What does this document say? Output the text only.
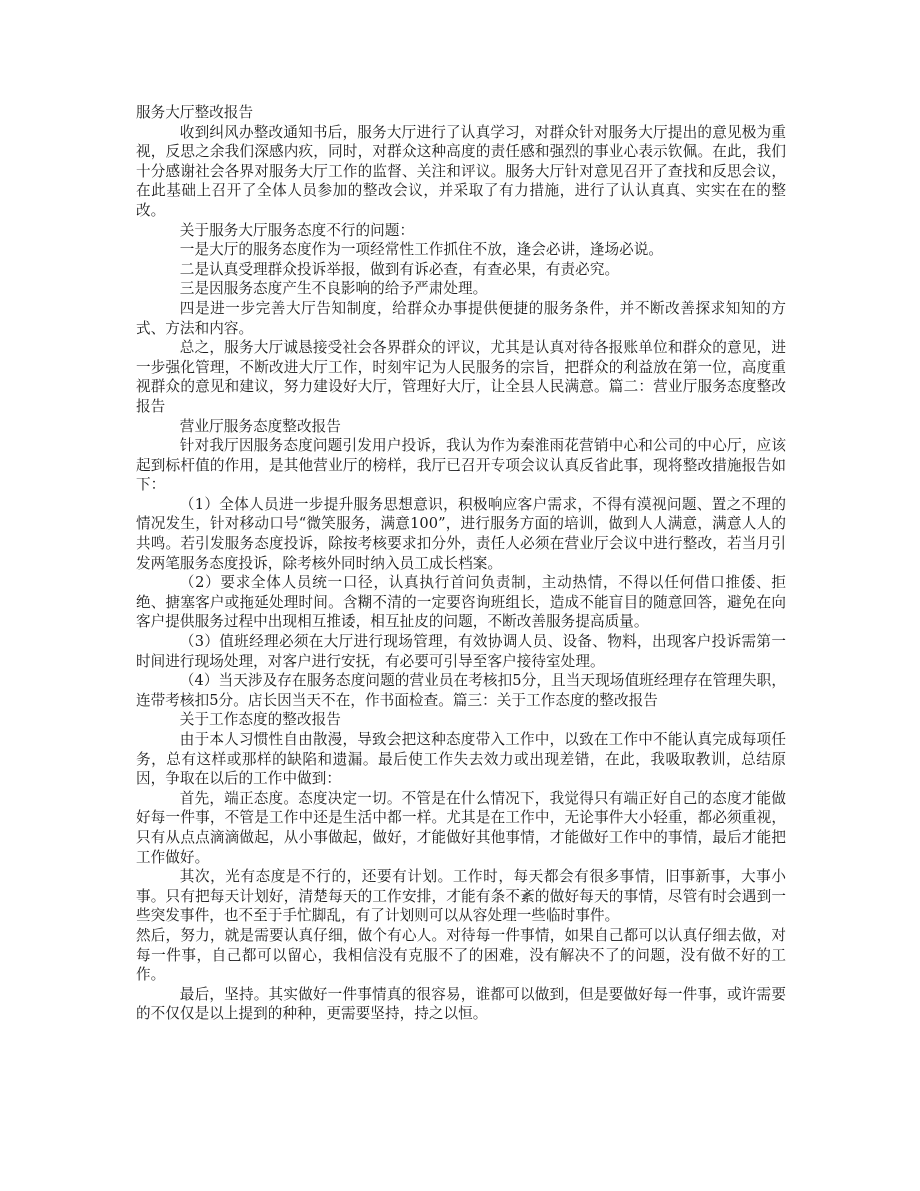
服务大厅整改报告

收到纠风办整改通知书后，服务大厅进行了认真学习，对群众针对服务大厅提出的意见极为重视，反思之余我们深感内疚，同时，对群众这种高度的责任感和强烈的事业心表示钦佩。在此，我们十分感谢社会各界对服务大厅工作的监督、关注和评议。服务大厅针对意见召开了查找和反思会议，在此基础上召开了全体人员参加的整改会议，并采取了有力措施，进行了认认真真、实实在在的整改。

关于服务大厅服务态度不行的问题：

一是大厅的服务态度作为一项经常性工作抓住不放，逢会必讲，逢场必说。

二是认真受理群众投诉举报，做到有诉必查，有查必果，有责必究。

三是因服务态度产生不良影响的给予严肃处理。

四是进一步完善大厅告知制度，给群众办事提供便捷的服务条件，并不断改善探求知知的方式、方法和内容。

总之，服务大厅诚恳接受社会各界群众的评议，尤其是认真对待各报账单位和群众的意见，进一步强化管理，不断改进大厅工作，时刻牢记为人民服务的宗旨，把群众的利益放在第一位，高度重视群众的意见和建议，努力建设好大厅，管理好大厅，让全县人民满意。篇二：营业厅服务态度整改报告

营业厅服务态度整改报告

针对我厅因服务态度问题引发用户投诉，我认为作为秦淮雨花营销中心和公司的中心厅，应该起到标杆值的作用，是其他营业厅的榜样，我厅已召开专项会议认真反省此事，现将整改措施报告如下：

（1）全体人员进一步提升服务思想意识，积极响应客户需求，不得有漠视问题、置之不理的情况发生，针对移动口号“微笑服务，满意100”，进行服务方面的培训，做到人人满意，满意人人的共鸣。若引发服务态度投诉，除按考核要求扣分外，责任人必须在营业厅会议中进行整改，若当月引发两笔服务态度投诉，除考核外同时纳入员工成长档案。

（2）要求全体人员统一口径，认真执行首问负责制，主动热情，不得以任何借口推倭、拒绝、搪塞客户或拖延处理时间。含糊不清的一定要咨询班组长，造成不能盲目的随意回答，避免在向客户提供服务过程中出现相互推诿，相互扯皮的问题，不断改善服务提高质量。

（3）值班经理必须在大厅进行现场管理，有效协调人员、设备、物料，出现客户投诉需第一时间进行现场处理，对客户进行安抚，有必要可引导至客户接待室处理。

（4）当天涉及存在服务态度问题的营业员在考核扣5分，且当天现场值班经理存在管理失职，连带考核扣5分。店长因当天不在，作书面检查。篇三：关于工作态度的整改报告

关于工作态度的整改报告

由于本人习惯性自由散漫，导致会把这种态度带入工作中，以致在工作中不能认真完成每项任务，总有这样或那样的缺陷和遗漏。最后使工作失去效力或出现差错，在此，我吸取教训，总结原因，争取在以后的工作中做到：

首先，端正态度。态度决定一切。不管是在什么情况下，我觉得只有端正好自己的态度才能做好每一件事，不管是工作中还是生活中都一样。尤其是在工作中，无论事件大小轻重，都必须重视，只有从点点滴滴做起，从小事做起，做好，才能做好其他事情，才能做好工作中的事情，最后才能把工作做好。

其次，光有态度是不行的，还要有计划。工作时，每天都会有很多事情，旧事新事，大事小事。只有把每天计划好，清楚每天的工作安排，才能有条不紊的做好每天的事情，尽管有时会遇到一些突发事件，也不至于手忙脚乱，有了计划则可以从容处理一些临时事件。

然后，努力，就是需要认真仔细，做个有心人。对待每一件事情，如果自己都可以认真仔细去做，对每一件事，自己都可以留心，我相信没有克服不了的困难，没有解决不了的问题，没有做不好的工作。

最后，坚持。其实做好一件事情真的很容易，谁都可以做到，但是要做好每一件事，或许需要的不仅仅是以上提到的种种，更需要坚持，持之以恒。
